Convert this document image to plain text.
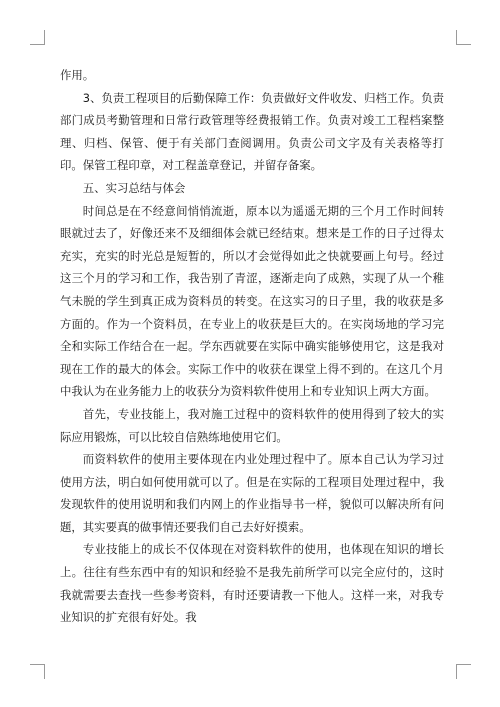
作用。

3、负责工程项目的后勤保障工作：负责做好文件收发、归档工作。负责部门成员考勤管理和日常行政管理等经费报销工作。负责对竣工工程档案整理、归档、保管、便于有关部门查阅调用。负责公司文字及有关表格等打印。保管工程印章，对工程盖章登记，并留存备案。

五、实习总结与体会

时间总是在不经意间悄悄流逝，原本以为遥遥无期的三个月工作时间转眼就过去了，好像还来不及细细体会就已经结束。想来是工作的日子过得太充实，充实的时光总是短暂的，所以才会觉得如此之快就要画上句号。经过这三个月的学习和工作，我告别了青涩，逐渐走向了成熟，实现了从一个稚气未脱的学生到真正成为资料员的转变。在这实习的日子里，我的收获是多方面的。作为一个资料员，在专业上的收获是巨大的。在实岗场地的学习完全和实际工作结合在一起。学东西就要在实际中确实能够使用它，这是我对现在工作的最大的体会。实际工作中的收获在课堂上得不到的。在这几个月中我认为在业务能力上的收获分为资料软件使用上和专业知识上两大方面。

首先，专业技能上，我对施工过程中的资料软件的使用得到了较大的实际应用锻炼，可以比较自信熟练地使用它们。

而资料软件的使用主要体现在内业处理过程中了。原本自己认为学习过使用方法，明白如何使用就可以了。但是在实际的工程项目处理过程中，我发现软件的使用说明和我们内网上的作业指导书一样，貌似可以解决所有问题，其实要真的做事情还要我们自己去好好摸索。

专业技能上的成长不仅体现在对资料软件的使用，也体现在知识的增长上。往往有些东西中有的知识和经验不是我先前所学可以完全应付的，这时我就需要去查找一些参考资料，有时还要请教一下他人。这样一来，对我专业知识的扩充很有好处。我
